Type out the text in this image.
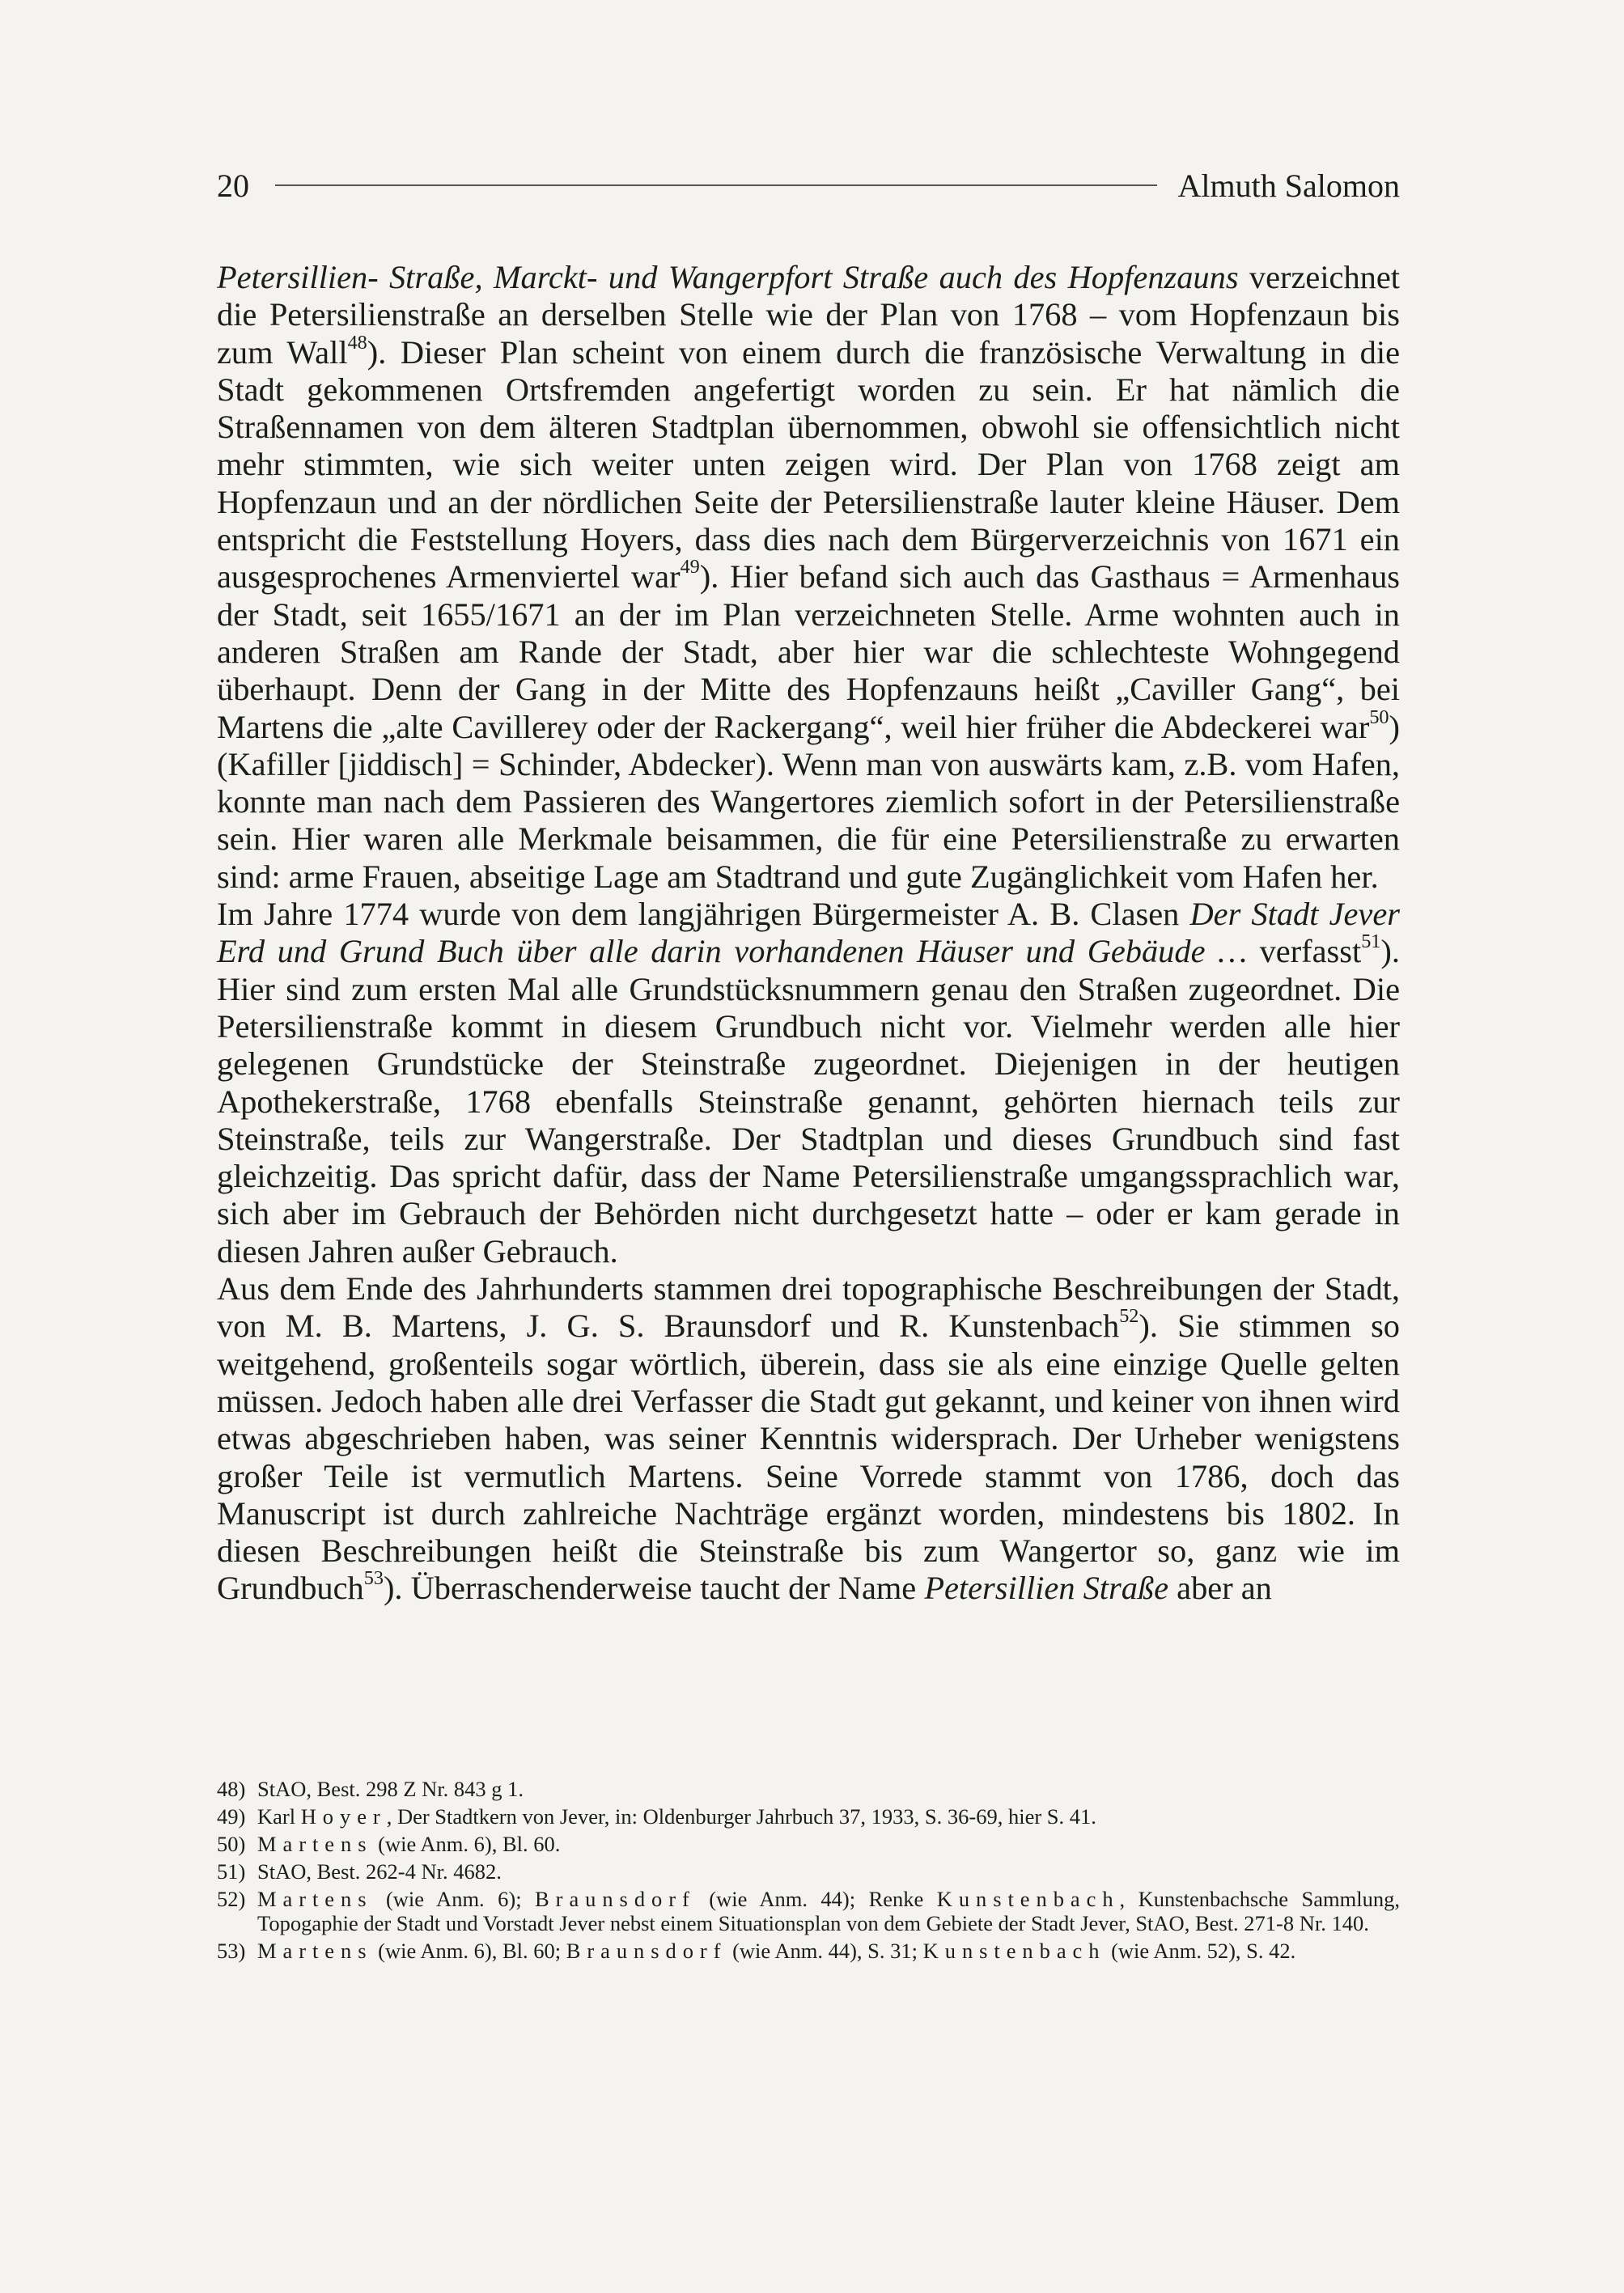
20	Almuth Salomon

Petersillien- Straße, Marckt- und Wangerpfort Straße auch des Hopfenzauns verzeichnet die Petersilienstraße an derselben Stelle wie der Plan von 1768 – vom Hopfenzaun bis zum Wall$^{48}$). Dieser Plan scheint von einem durch die französische Verwaltung in die Stadt gekommenen Ortsfremden angefertigt worden zu sein. Er hat nämlich die Straßennamen von dem älteren Stadtplan übernommen, obwohl sie offensichtlich nicht mehr stimmten, wie sich weiter unten zeigen wird. Der Plan von 1768 zeigt am Hopfenzaun und an der nördlichen Seite der Petersilienstraße lauter kleine Häuser. Dem entspricht die Feststellung Hoyers, dass dies nach dem Bürgerverzeichnis von 1671 ein ausgesprochenes Armenviertel war$^{49}$). Hier befand sich auch das Gasthaus = Armenhaus der Stadt, seit 1655/1671 an der im Plan verzeichneten Stelle. Arme wohnten auch in anderen Straßen am Rande der Stadt, aber hier war die schlechteste Wohngegend überhaupt. Denn der Gang in der Mitte des Hopfenzauns heißt „Caviller Gang“, bei Martens die „alte Cavillerey oder der Rackergang“, weil hier früher die Abdeckerei war$^{50}$) (Kafiller [jiddisch] = Schinder, Abdecker). Wenn man von auswärts kam, z.B. vom Hafen, konnte man nach dem Passieren des Wangertores ziemlich sofort in der Petersilienstraße sein. Hier waren alle Merkmale beisammen, die für eine Petersilienstraße zu erwarten sind: arme Frauen, abseitige Lage am Stadtrand und gute Zugänglichkeit vom Hafen her.

Im Jahre 1774 wurde von dem langjährigen Bürgermeister A. B. Clasen Der Stadt Jever Erd und Grund Buch über alle darin vorhandenen Häuser und Gebäude … verfasst$^{51}$). Hier sind zum ersten Mal alle Grundstücksnummern genau den Straßen zugeordnet. Die Petersilienstraße kommt in diesem Grundbuch nicht vor. Vielmehr werden alle hier gelegenen Grundstücke der Steinstraße zugeordnet. Diejenigen in der heutigen Apothekerstraße, 1768 ebenfalls Steinstraße genannt, gehörten hiernach teils zur Steinstraße, teils zur Wangerstraße. Der Stadtplan und dieses Grundbuch sind fast gleichzeitig. Das spricht dafür, dass der Name Petersilienstraße umgangssprachlich war, sich aber im Gebrauch der Behörden nicht durchgesetzt hatte – oder er kam gerade in diesen Jahren außer Gebrauch.

Aus dem Ende des Jahrhunderts stammen drei topographische Beschreibungen der Stadt, von M. B. Martens, J. G. S. Braunsdorf und R. Kunstenbach$^{52}$). Sie stimmen so weitgehend, großenteils sogar wörtlich, überein, dass sie als eine einzige Quelle gelten müssen. Jedoch haben alle drei Verfasser die Stadt gut gekannt, und keiner von ihnen wird etwas abgeschrieben haben, was seiner Kenntnis widersprach. Der Urheber wenigstens großer Teile ist vermutlich Martens. Seine Vorrede stammt von 1786, doch das Manuscript ist durch zahlreiche Nachträge ergänzt worden, mindestens bis 1802. In diesen Beschreibungen heißt die Steinstraße bis zum Wangertor so, ganz wie im Grundbuch$^{53}$). Überraschenderweise taucht der Name Petersillien Straße aber an

48) StAO, Best. 298 Z Nr. 843 g 1.
49) Karl Hoyer, Der Stadtkern von Jever, in: Oldenburger Jahrbuch 37, 1933, S. 36-69, hier S. 41.
50) Martens (wie Anm. 6), Bl. 60.
51) StAO, Best. 262-4 Nr. 4682.
52) Martens (wie Anm. 6); Braunsdorf (wie Anm. 44); Renke Kunstenbach, Kunstenbachsche Sammlung, Topogaphie der Stadt und Vorstadt Jever nebst einem Situationsplan von dem Gebiete der Stadt Jever, StAO, Best. 271-8 Nr. 140.
53) Martens (wie Anm. 6), Bl. 60; Braunsdorf (wie Anm. 44), S. 31; Kunstenbach (wie Anm. 52), S. 42.
